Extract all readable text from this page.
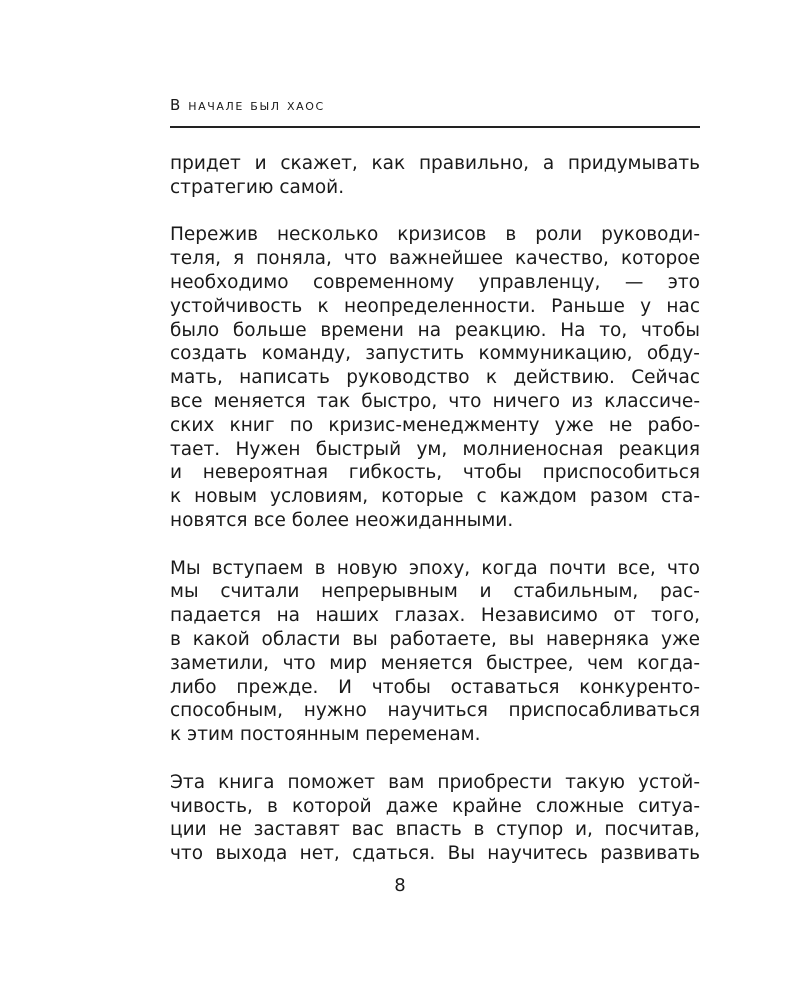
В начале был хаос
придет и скажет, как правильно, а придумывать
стратегию самой.
Пережив несколько кризисов в роли руководи-
теля, я поняла, что важнейшее качество, которое
необходимо современному управленцу, — это
устойчивость к неопределенности. Раньше у нас
было больше времени на реакцию. На то, чтобы
создать команду, запустить коммуникацию, обду-
мать, написать руководство к действию. Сейчас
все меняется так быстро, что ничего из классиче-
ских книг по кризис-менеджменту уже не рабо-
тает. Нужен быстрый ум, молниеносная реакция
и невероятная гибкость, чтобы приспособиться
к новым условиям, которые с каждом разом ста-
новятся все более неожиданными.
Мы вступаем в новую эпоху, когда почти все, что
мы считали непрерывным и стабильным, рас-
падается на наших глазах. Независимо от того,
в какой области вы работаете, вы наверняка уже
заметили, что мир меняется быстрее, чем когда-
либо прежде. И чтобы оставаться конкуренто-
способным, нужно научиться приспосабливаться
к этим постоянным переменам.
Эта книга поможет вам приобрести такую устой-
чивость, в которой даже крайне сложные ситуа-
ции не заставят вас впасть в ступор и, посчитав,
что выхода нет, сдаться. Вы научитесь развивать
8
